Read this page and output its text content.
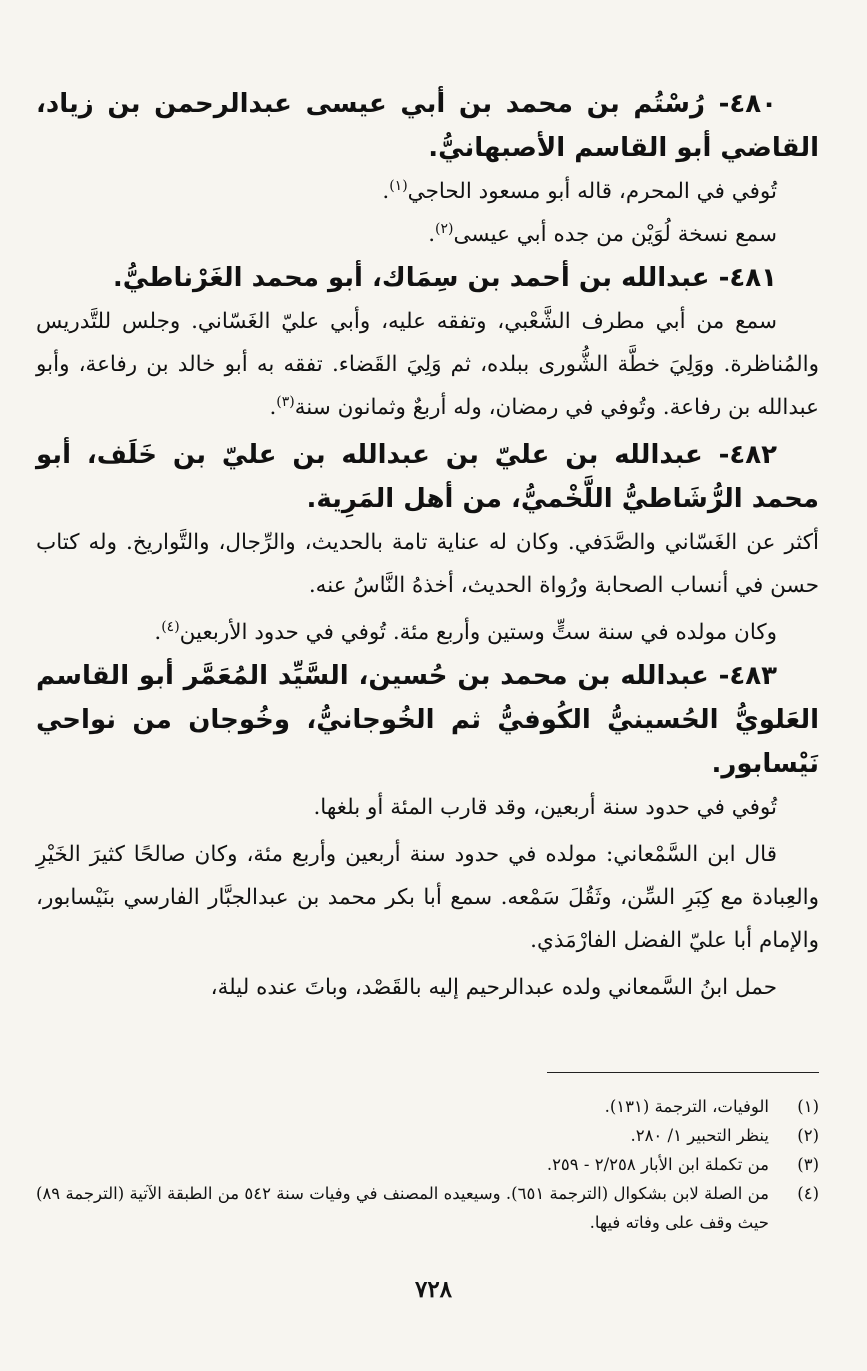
٤٨٠- رُسْتُم بن محمد بن أبي عيسى عبدالرحمن بن زياد، القاضي أبو القاسم الأصبهانيُّ.

تُوفي في المحرم، قاله أبو مسعود الحاجي$^{(١)}$.

سمع نسخة لُوَيْن من جده أبي عيسى$^{(٢)}$.

٤٨١- عبدالله بن أحمد بن سِمَاك، أبو محمد الغَرْناطيُّ.

سمع من أبي مطرف الشَّعْبي، وتفقه عليه، وأبي عليّ الغَسّاني. وجلس للتَّدريس والمُناظرة. ووَلِيَ خطَّة الشُّورى ببلده، ثم وَلِيَ القَضاء. تفقه به أبو خالد بن رفاعة، وأبو عبدالله بن رفاعة. وتُوفي في رمضان، وله أربعٌ وثمانون سنة$^{(٣)}$.

٤٨٢- عبدالله بن عليّ بن عبدالله بن عليّ بن خَلَف، أبو محمد الرُّشَاطيُّ اللَّخْميُّ، من أهل المَرِية.

أكثر عن الغَسّاني والصَّدَفي. وكان له عناية تامة بالحديث، والرِّجال، والتَّواريخ. وله كتاب حسن في أنساب الصحابة ورُواة الحديث، أخذهُ النَّاسُ عنه.

وكان مولده في سنة ستٍّ وستين وأربع مئة. تُوفي في حدود الأربعين$^{(٤)}$.

٤٨٣- عبدالله بن محمد بن حُسين، السَّيِّد المُعَمَّر أبو القاسم العَلويُّ الحُسينيُّ الكُوفيُّ ثم الخُوجانيُّ، وخُوجان من نواحي نَيْسابور.

تُوفي في حدود سنة أربعين، وقد قارب المئة أو بلغها.

قال ابن السَّمْعاني: مولده في حدود سنة أربعين وأربع مئة، وكان صالحًا كثيرَ الخَيْرِ والعِبادة مع كِبَرِ السِّن، وثَقُلَ سَمْعه. سمع أبا بكر محمد بن عبدالجبَّار الفارسي بنَيْسابور، والإمام أبا عليّ الفضل الفارْمَذي.

حمل ابنُ السَّمعاني ولده عبدالرحيم إليه بالقَصْد، وباتَ عنده ليلة،

(١)
الوفيات، الترجمة (١٣١).
(٢)
ينظر التحبير ١/ ٢٨٠.
(٣)
من تكملة ابن الأبار ٢/٢٥٨ - ٢٥٩.
(٤)
من الصلة لابن بشكوال (الترجمة ٦٥١). وسيعيده المصنف في وفيات سنة ٥٤٢ من الطبقة الآتية (الترجمة ٨٩) حيث وقف على وفاته فيها.
٧٢٨
